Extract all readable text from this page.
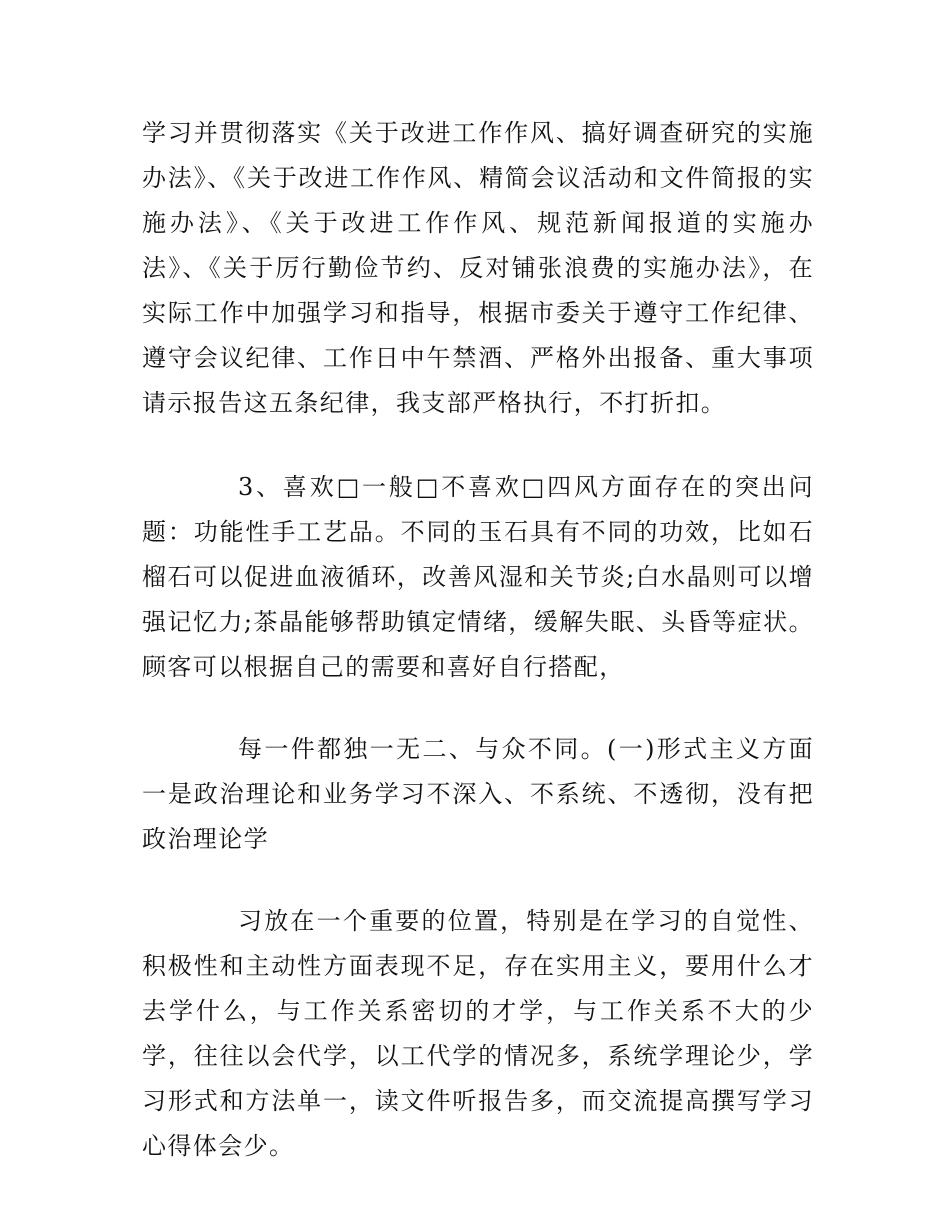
学习并贯彻落实《关于改进工作作风、搞好调查研究的实施办法》、《关于改进工作作风、精简会议活动和文件简报的实施办法》、《关于改进工作作风、规范新闻报道的实施办法》、《关于厉行勤俭节约、反对铺张浪费的实施办法》，在实际工作中加强学习和指导，根据市委关于遵守工作纪律、遵守会议纪律、工作日中午禁酒、严格外出报备、重大事项请示报告这五条纪律，我支部严格执行，不打折扣。

3、喜欢□一般□不喜欢□四风方面存在的突出问题：功能性手工艺品。不同的玉石具有不同的功效，比如石榴石可以促进血液循环，改善风湿和关节炎;白水晶则可以增强记忆力;茶晶能够帮助镇定情绪，缓解失眠、头昏等症状。顾客可以根据自己的需要和喜好自行搭配，

每一件都独一无二、与众不同。(一)形式主义方面一是政治理论和业务学习不深入、不系统、不透彻，没有把政治理论学

习放在一个重要的位置，特别是在学习的自觉性、积极性和主动性方面表现不足，存在实用主义，要用什么才去学什么，与工作关系密切的才学，与工作关系不大的少学，往往以会代学，以工代学的情况多，系统学理论少，学习形式和方法单一，读文件听报告多，而交流提高撰写学习心得体会少。
